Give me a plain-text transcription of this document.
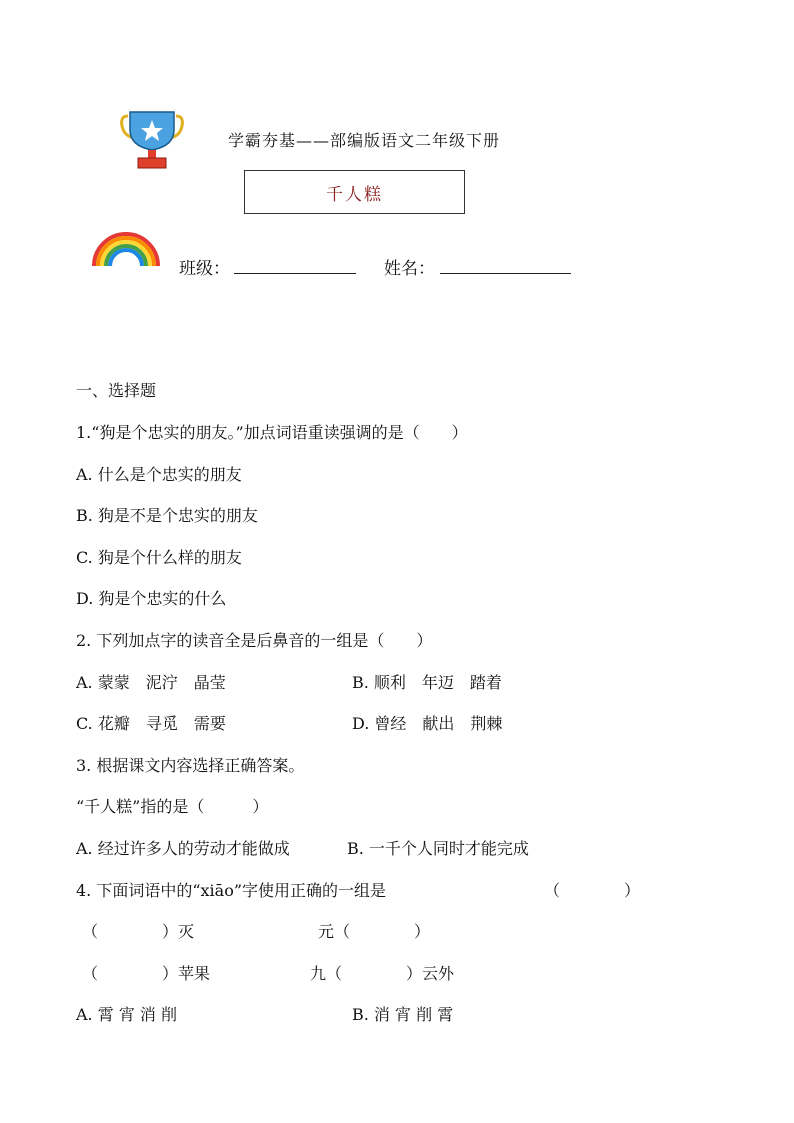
学霸夯基——部编版语文二年级下册
千人糕
班级：	姓名：
一、选择题
1.“狗是个忠实的朋友。”加点词语重读强调的是（　　）
A. 什么是个忠实的朋友
B. 狗是不是个忠实的朋友
C. 狗是个什么样的朋友
D. 狗是个忠实的什么
2. 下列加点字的读音全是后鼻音的一组是（　　）
A. 蒙蒙　泥泞　晶莹	B. 顺利　年迈　踏着
C. 花瓣　寻觅　需要	D. 曾经　献出　荆棘
3. 根据课文内容选择正确答案。
“千人糕”指的是（　　　）
A. 经过许多人的劳动才能做成	B. 一千个人同时才能完成
4. 下面词语中的“xiāo”字使用正确的一组是	（　　　　）
（　　　　）灭	元（　　　　）
（　　　　）苹果	九（　　　　）云外
A. 霄 宵 消 削	B. 消 宵 削 霄
